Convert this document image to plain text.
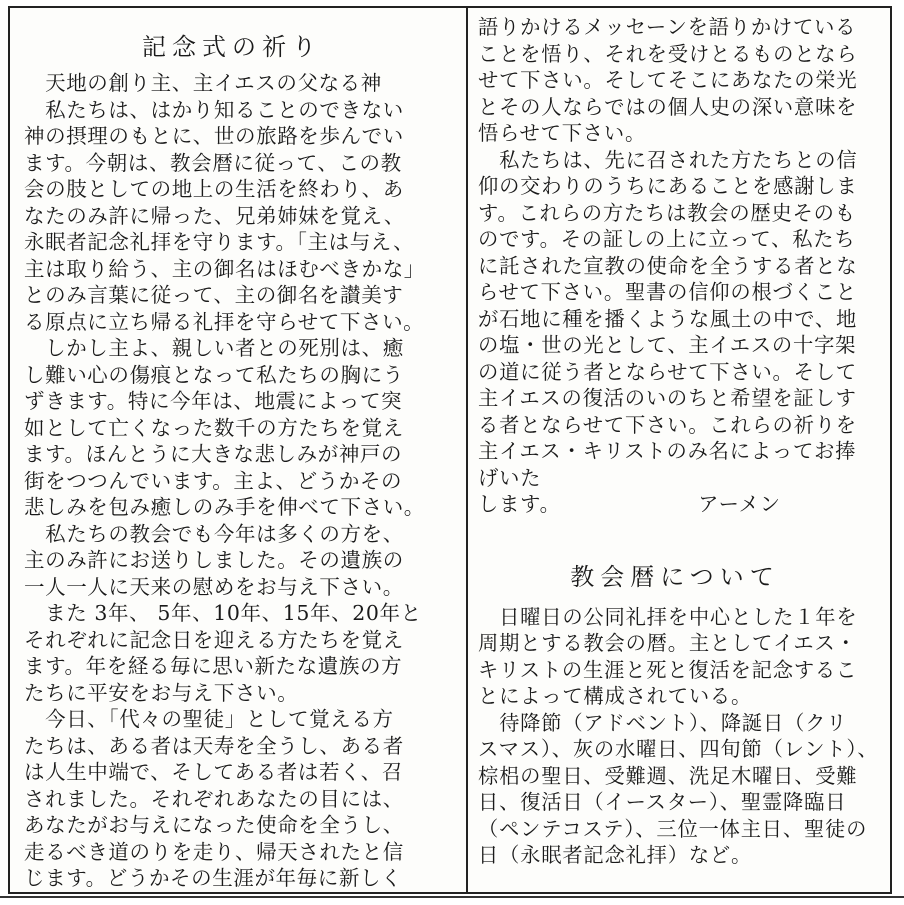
記念式の祈り

　天地の創り主、主イエスの父なる神
　私たちは、はかり知ることのできない
神の摂理のもとに、世の旅路を歩んでい
ます。今朝は、教会暦に従って、この教
会の肢としての地上の生活を終わり、あ
なたのみ許に帰った、兄弟姉妹を覚え、
永眠者記念礼拝を守ります。「主は与え、
主は取り給う、主の御名はほむべきかな」
とのみ言葉に従って、主の御名を讃美す
る原点に立ち帰る礼拝を守らせて下さい。
　しかし主よ、親しい者との死別は、癒
し難い心の傷痕となって私たちの胸にう
ずきます。特に今年は、地震によって突
如として亡くなった数千の方たちを覚え
ます。ほんとうに大きな悲しみが神戸の
街をつつんでいます。主よ、どうかその
悲しみを包み癒しのみ手を伸べて下さい。
　私たちの教会でも今年は多くの方を、
主のみ許にお送りしました。その遺族の
一人一人に天来の慰めをお与え下さい。
　また 3年、 5年、10年、15年、20年と
それぞれに記念日を迎える方たちを覚え
ます。年を経る毎に思い新たな遺族の方
たちに平安をお与え下さい。
　今日、「代々の聖徒」として覚える方
たちは、ある者は天寿を全うし、ある者
は人生中端で、そしてある者は若く、召
されました。それぞれあなたの目には、
あなたがお与えになった使命を全うし、
走るべき道のりを走り、帰天されたと信
じます。どうかその生涯が年毎に新しく

語りかけるメッセーンを語りかけている
ことを悟り、それを受けとるものとなら
せて下さい。そしてそこにあなたの栄光
とその人ならではの個人史の深い意味を
悟らせて下さい。
　私たちは、先に召された方たちとの信
仰の交わりのうちにあることを感謝しま
す。これらの方たちは教会の歴史そのも
のです。その証しの上に立って、私たち
に託された宣教の使命を全うする者とな
らせて下さい。聖書の信仰の根づくこと
が石地に種を播くような風土の中で、地
の塩・世の光として、主イエスの十字架
の道に従う者とならせて下さい。そして
主イエスの復活のいのちと希望を証しす
る者とならせて下さい。これらの祈りを
主イエス・キリストのみ名によってお捧
げいた
します。　　　　　　　アーメン

教会暦について

　日曜日の公同礼拝を中心とした１年を
周期とする教会の暦。主としてイエス・
キリストの生涯と死と復活を記念するこ
とによって構成されている。
　待降節（アドベント）、降誕日（クリ
スマス）、灰の水曜日、四旬節（レント）、
棕梠の聖日、受難週、洗足木曜日、受難
日、復活日（イースター）、聖霊降臨日
（ペンテコステ）、三位一体主日、聖徒の
日（永眠者記念礼拝）など。
